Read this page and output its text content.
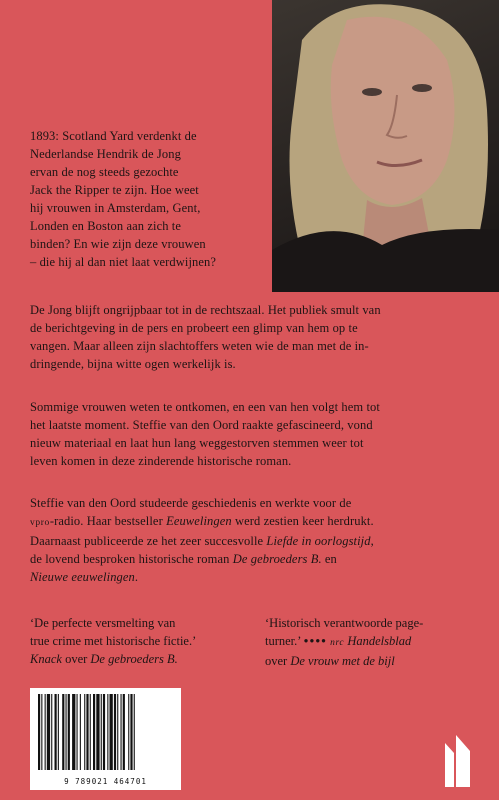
1893: Scotland Yard verdenkt de
Nederlandse Hendrik de Jong
ervan de nog steeds gezochte
Jack the Ripper te zijn. Hoe weet
hij vrouwen in Amsterdam, Gent,
Londen en Boston aan zich te
binden? En wie zijn deze vrouwen
– die hij al dan niet laat verdwijnen?
De Jong blijft ongrijpbaar tot in de rechtszaal. Het publiek smult van
de berichtgeving in de pers en probeert een glimp van hem op te
vangen. Maar alleen zijn slachtoffers weten wie de man met de in-
dringende, bijna witte ogen werkelijk is.
Sommige vrouwen weten te ontkomen, en een van hen volgt hem tot
het laatste moment. Steffie van den Oord raakte gefascineerd, vond
nieuw materiaal en laat hun lang weggestorven stemmen weer tot
leven komen in deze zinderende historische roman.
Steffie van den Oord studeerde geschiedenis en werkte voor de
vpro-radio. Haar bestseller Eeuwelingen werd zestien keer herdrukt.
Daarnaast publiceerde ze het zeer succesvolle Liefde in oorlogstijd,
de lovend besproken historische roman De gebroeders B. en
Nieuwe eeuwelingen.
‘De perfecte versmelting van
true crime met historische fictie.’
Knack over De gebroeders B.
‘Historisch verantwoorde page-
turner.’ ●●●● nrc Handelsblad
over De vrouw met de bijl
9 789021 464701
